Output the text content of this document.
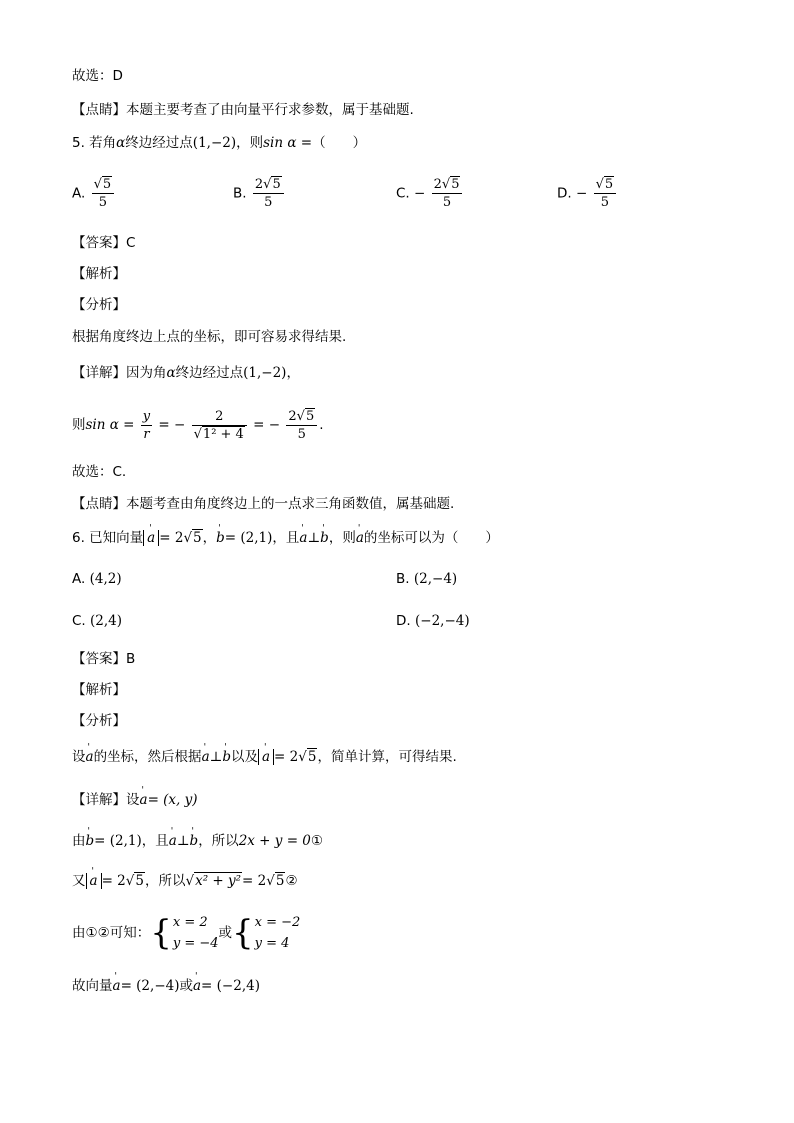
故选：D
【点睛】本题主要考查了由向量平行求参数，属于基础题.
5. 若角α终边经过点(1,−2)，则sin α =（　　）
A. $\frac{√5}{5}$	B. $\frac{2√5}{5}$	C. − $\frac{2√5}{5}$	D. − $\frac{√5}{5}$
【答案】C
【解析】
【分析】
根据角度终边上点的坐标，即可容易求得结果.
【详解】因为角α终边经过点(1,−2)，
则$\sin \alpha = \frac{y}{r}$ = − $\frac{2}{\text{√1² + 4}}$ = − $\frac{2√5}{5}$ .
故选：C.
【点睛】本题考查由角度终边上的一点求三角函数值，属基础题.
6. 已知向量 ' a = 2√5，' b= (2,1)，且' a⊥' b，则' a的坐标可以为（　　）
A. (4,2)	B. (2,−4)
C. (2,4)	D. (−2,−4)
【答案】B
【解析】
【分析】
设' a的坐标，然后根据' a⊥' b以及 ' a = 2√5，简单计算，可得结果.
【详解】设' a= (x, y)
由' b= (2,1)，且' a⊥' b，所以2x + y = 0①
又 ' a = 2√5，所以√x² + y²= 2√5②
由①②可知：{ x = 2
y = −4
或{ x = −2
y = 4
故向量' a= (2,−4)或' a= (−2,4)
